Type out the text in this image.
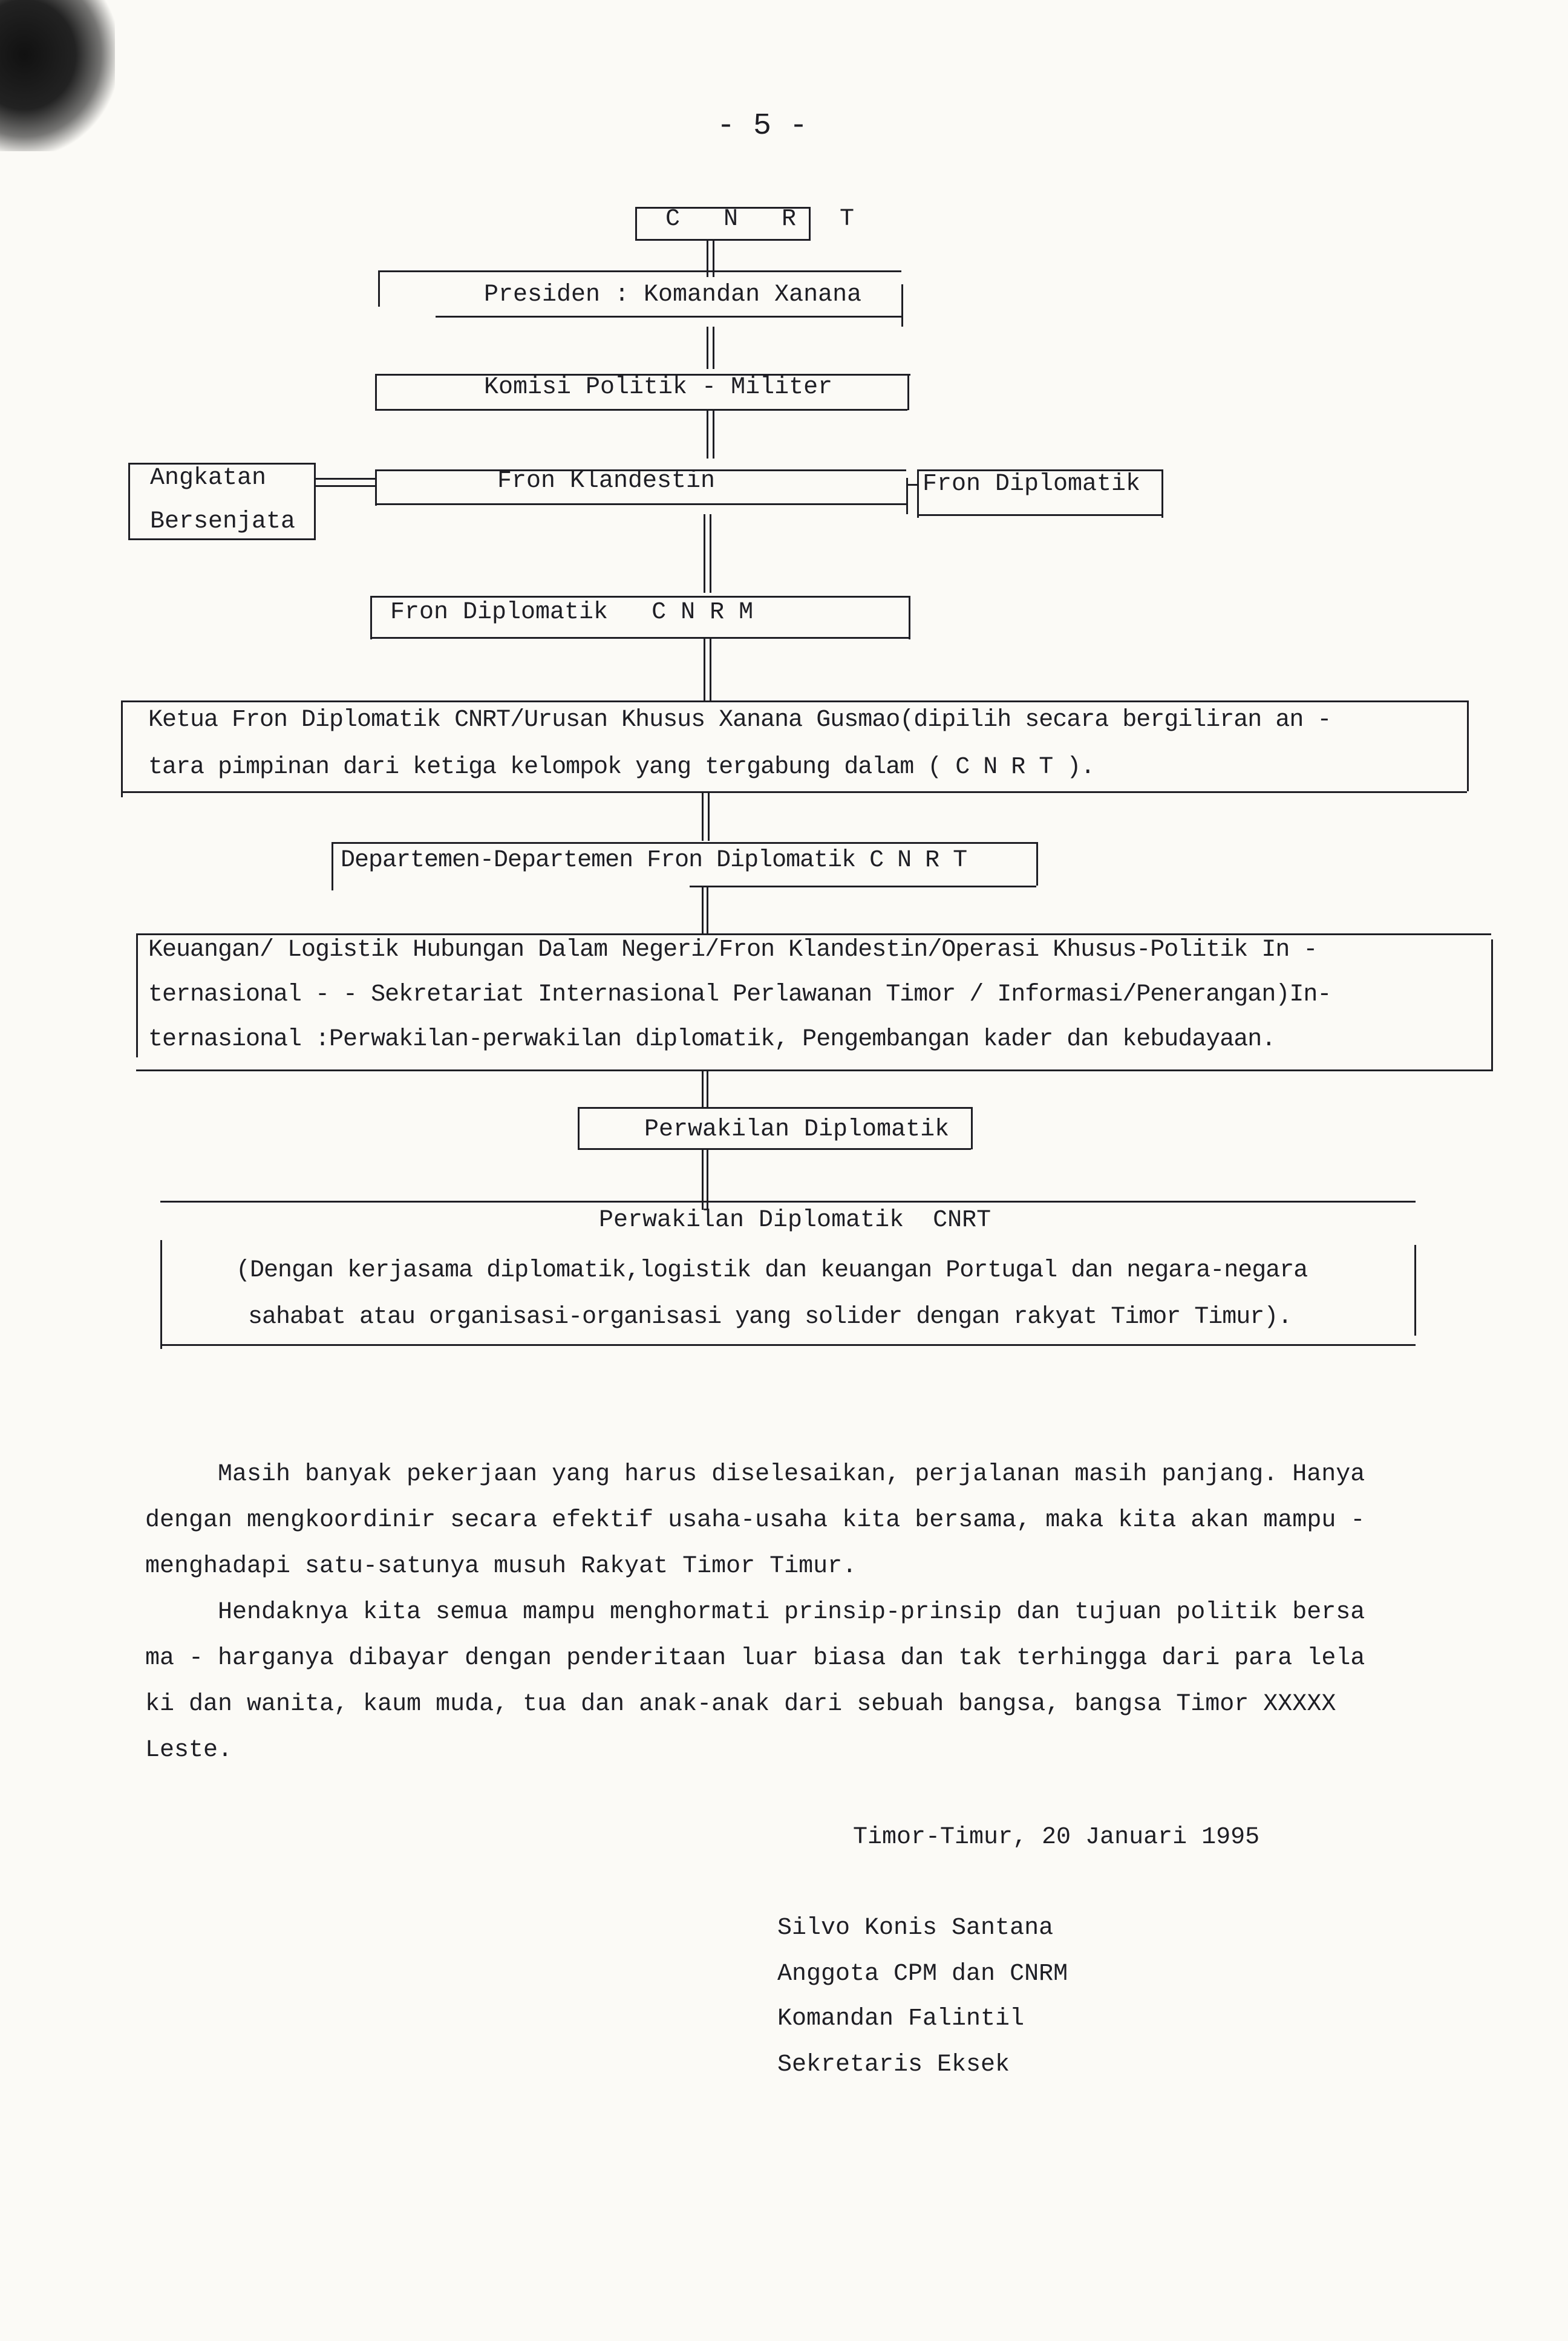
- 5 -
C N R T
Presiden : Komandan Xanana
Komisi Politik - Militer
Angkatan
Bersenjata
Fron Klandestin	Fron Diplomatik
Fron Diplomatik   C N R M
Ketua Fron Diplomatik CNRT/Urusan Khusus Xanana Gusmao(dipilih secara bergiliran an -
tara pimpinan dari ketiga kelompok yang tergabung dalam ( C N R T ).
Departemen-Departemen Fron Diplomatik C N R T
Keuangan/ Logistik Hubungan Dalam Negeri/Fron Klandestin/Operasi Khusus-Politik In -
ternasional - - Sekretariat Internasional Perlawanan Timor / Informasi/Penerangan)In-
ternasional :Perwakilan-perwakilan diplomatik, Pengembangan kader dan kebudayaan.
Perwakilan Diplomatik
Perwakilan Diplomatik  CNRT
(Dengan kerjasama diplomatik,logistik dan keuangan Portugal dan negara-negara
sahabat atau organisasi-organisasi yang solider dengan rakyat Timor Timur).
Masih banyak pekerjaan yang harus diselesaikan, perjalanan masih panjang. Hanya
dengan mengkoordinir secara efektif usaha-usaha kita bersama, maka kita akan mampu -
menghadapi satu-satunya musuh Rakyat Timor Timur.
Hendaknya kita semua mampu menghormati prinsip-prinsip dan tujuan politik bersa
ma - harganya dibayar dengan penderitaan luar biasa dan tak terhingga dari para lela
ki dan wanita, kaum muda, tua dan anak-anak dari sebuah bangsa, bangsa Timor XXXXX
Leste.
Timor-Timur, 20 Januari 1995
Silvo Konis Santana
Anggota CPM dan CNRM
Komandan Falintil
Sekretaris Eksek
